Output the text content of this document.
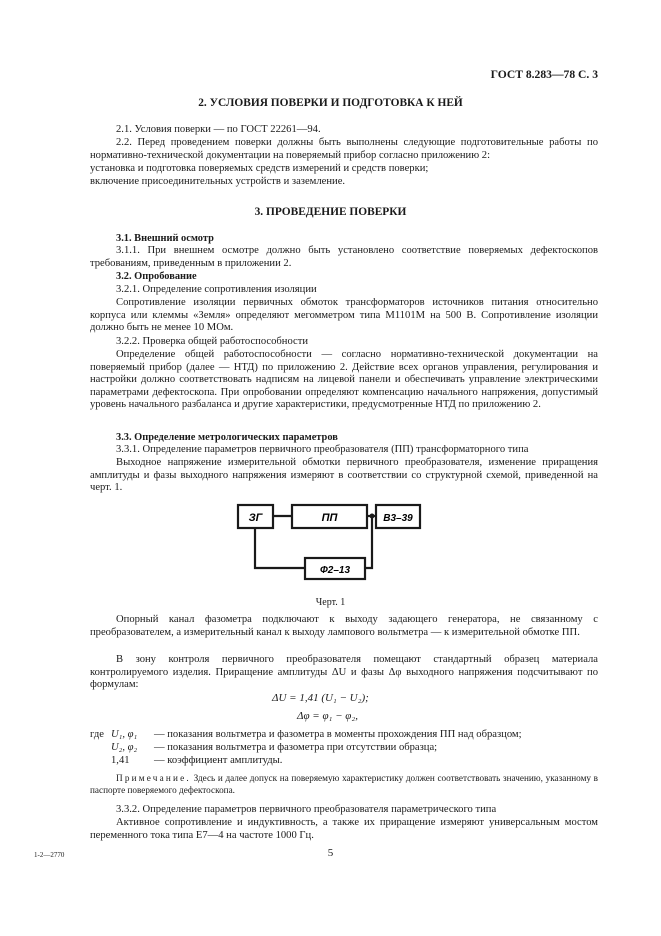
ГОСТ 8.283—78 С. 3
2. УСЛОВИЯ ПОВЕРКИ И ПОДГОТОВКА К НЕЙ
2.1. Условия поверки — по ГОСТ 22261—94.
2.2. Перед проведением поверки должны быть выполнены следующие подготовительные работы по нормативно-технической документации на поверяемый прибор согласно приложению 2:
установка и подготовка поверяемых средств измерений и средств поверки;
включение присоединительных устройств и заземление.
3. ПРОВЕДЕНИЕ ПОВЕРКИ
3.1. Внешний осмотр
3.1.1. При внешнем осмотре должно быть установлено соответствие поверяемых дефектоскопов требованиям, приведенным в приложении 2.
3.2. Опробование
3.2.1. Определение сопротивления изоляции
Сопротивление изоляции первичных обмоток трансформаторов источников питания относительно корпуса или клеммы «Земля» определяют мегомметром типа М1101М на 500 В. Сопротивление изоляции должно быть не менее 10 МОм.
3.2.2. Проверка общей работоспособности
Определение общей работоспособности — согласно нормативно-технической документации на поверяемый прибор (далее — НТД) по приложению 2. Действие всех органов управления, регулирования и настройки должно соответствовать надписям на лицевой панели и обеспечивать управление электрическими параметрами дефектоскопа. При опробовании определяют компенсацию начального напряжения, допустимый уровень начального разбаланса и другие характеристики, предусмотренные НТД по приложению 2.
3.3. Определение метрологических параметров
3.3.1. Определение параметров первичного преобразователя (ПП) трансформаторного типа
Выходное напряжение измерительной обмотки первичного преобразователя, изменение приращения амплитуды и фазы выходного напряжения измеряют в соответствии со структурной схемой, приведенной на черт. 1.
ЗГ	ПП	В3–39
Ф2–13
Черт. 1
Опорный канал фазометра подключают к выходу задающего генератора, не связанному с преобразователем, а измерительный канал к выходу лампового вольтметра — к измерительной обмотке ПП.
В зону контроля первичного преобразователя помещают стандартный образец материала контролируемого изделия. Приращение амплитуды ΔU и фазы Δφ выходного напряжения подсчитывают по формулам:
ΔU = 1,41 (U₁ − U₂);
Δφ = φ₁ − φ₂,
где U₁, φ₁ — показания вольтметра и фазометра в моменты прохождения ПП над образцом;
U₂, φ₂ — показания вольтметра и фазометра при отсутствии образца;
1,41 — коэффициент амплитуды.
Примечание. Здесь и далее допуск на поверяемую характеристику должен соответствовать значению, указанному в паспорте поверяемого дефектоскопа.
3.3.2. Определение параметров первичного преобразователя параметрического типа
Активное сопротивление и индуктивность, а также их приращение измеряют универсальным мостом переменного тока типа Е7—4 на частоте 1000 Гц.
1-2—2770	5
